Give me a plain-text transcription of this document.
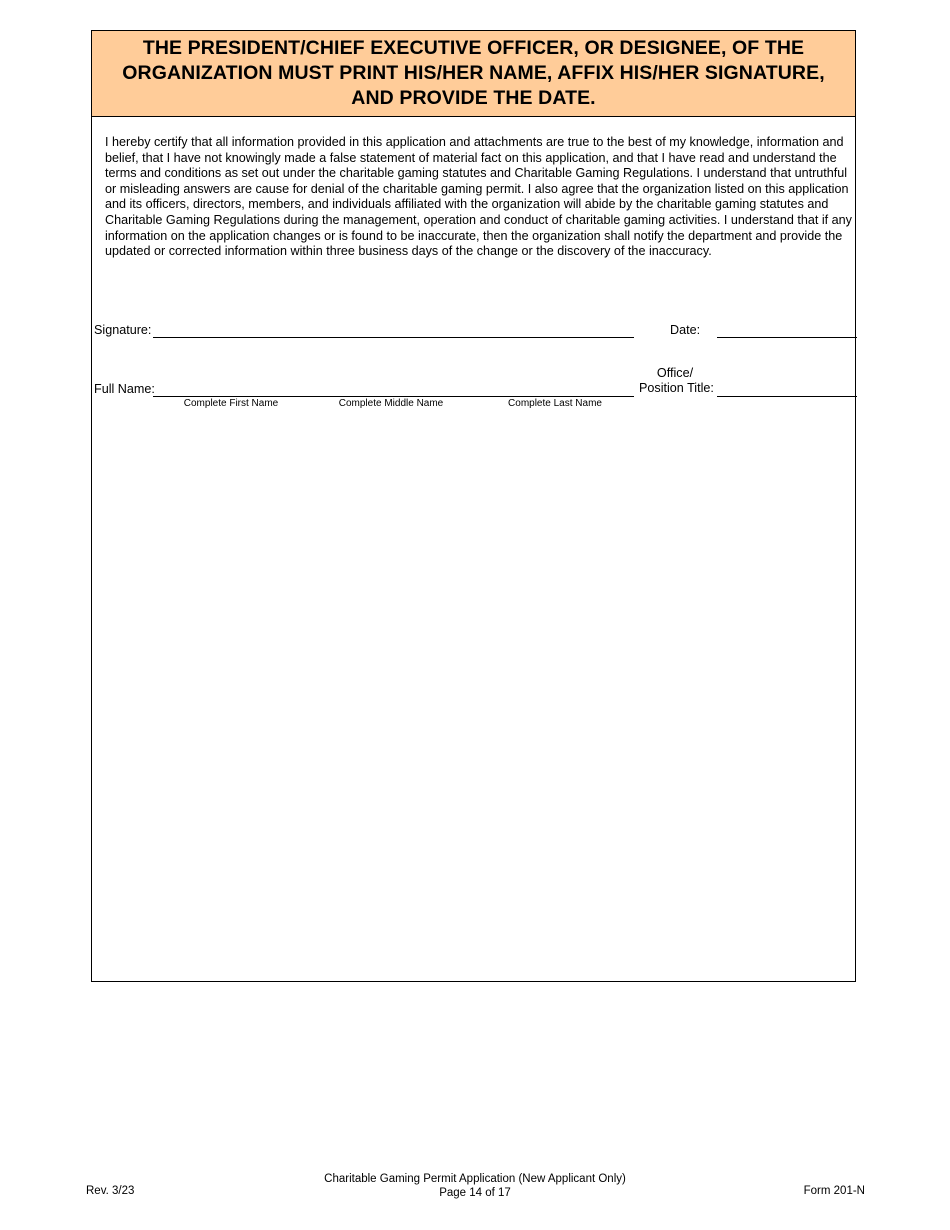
THE PRESIDENT/CHIEF EXECUTIVE OFFICER, OR DESIGNEE, OF THE
ORGANIZATION MUST PRINT HIS/HER NAME, AFFIX HIS/HER SIGNATURE,
AND PROVIDE THE DATE.
I hereby certify that all information provided in this application and attachments are true to the best of my knowledge, information and belief, that I have not knowingly made a false statement of material fact on this application, and that I have read and understand the terms and conditions as set out under the charitable gaming statutes and Charitable Gaming Regulations. I understand that untruthful or misleading answers are cause for denial of the charitable gaming permit. I also agree that the organization listed on this application and its officers, directors, members, and individuals affiliated with the organization will abide by the charitable gaming statutes and Charitable Gaming Regulations during the management, operation and conduct of charitable gaming activities. I understand that if any information on the application changes or is found to be inaccurate, then the organization shall notify the department and provide the updated or corrected information within three business days of the change or the discovery of the inaccuracy.
Signature:	Date:
Full Name:
Office/
Position Title:
Complete First Name	Complete Middle Name	Complete Last Name
Rev. 3/23
Charitable Gaming Permit Application (New Applicant Only)
Page 14 of 17	Form 201-N
